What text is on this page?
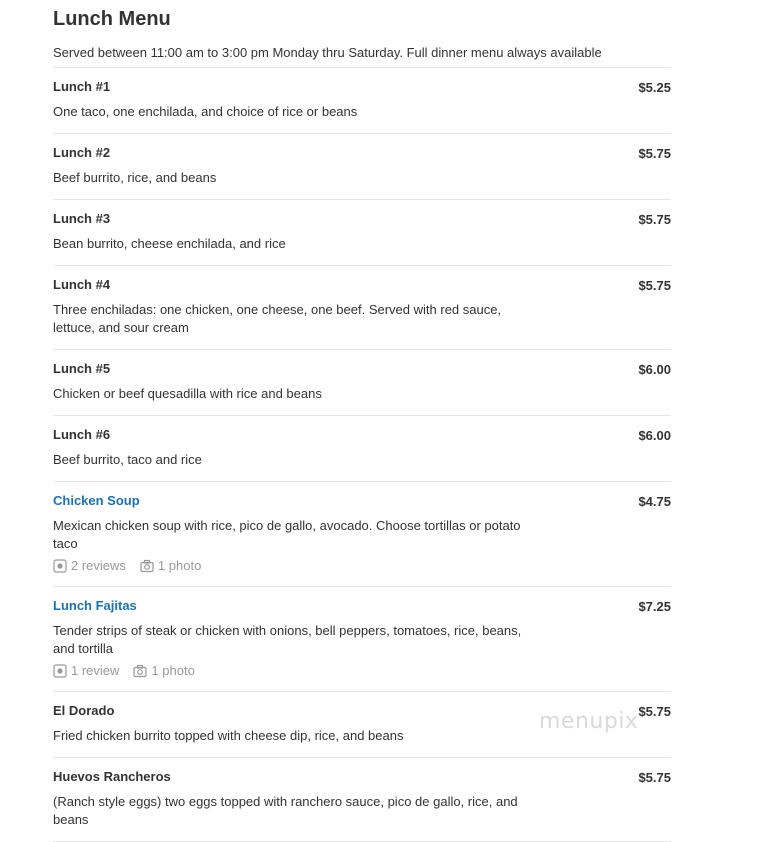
Lunch Menu
Served between 11:00 am to 3:00 pm Monday thru Saturday. Full dinner menu always available
Lunch #1	$5.25
One taco, one enchilada, and choice of rice or beans
Lunch #2	$5.75
Beef burrito, rice, and beans
Lunch #3	$5.75
Bean burrito, cheese enchilada, and rice
Lunch #4	$5.75
Three enchiladas: one chicken, one cheese, one beef. Served with red sauce, lettuce, and sour cream
Lunch #5	$6.00
Chicken or beef quesadilla with rice and beans
Lunch #6	$6.00
Beef burrito, taco and rice
Chicken Soup	$4.75
Mexican chicken soup with rice, pico de gallo, avocado. Choose tortillas or potato taco
2 reviews 1 photo
Lunch Fajitas	$7.25
Tender strips of steak or chicken with onions, bell peppers, tomatoes, rice, beans, and tortilla
1 review 1 photo
El Dorado	$5.75
Fried chicken burrito topped with cheese dip, rice, and beans
Huevos Rancheros	$5.75
(Ranch style eggs) two eggs topped with ranchero sauce, pico de gallo, rice, and beans
menupix
